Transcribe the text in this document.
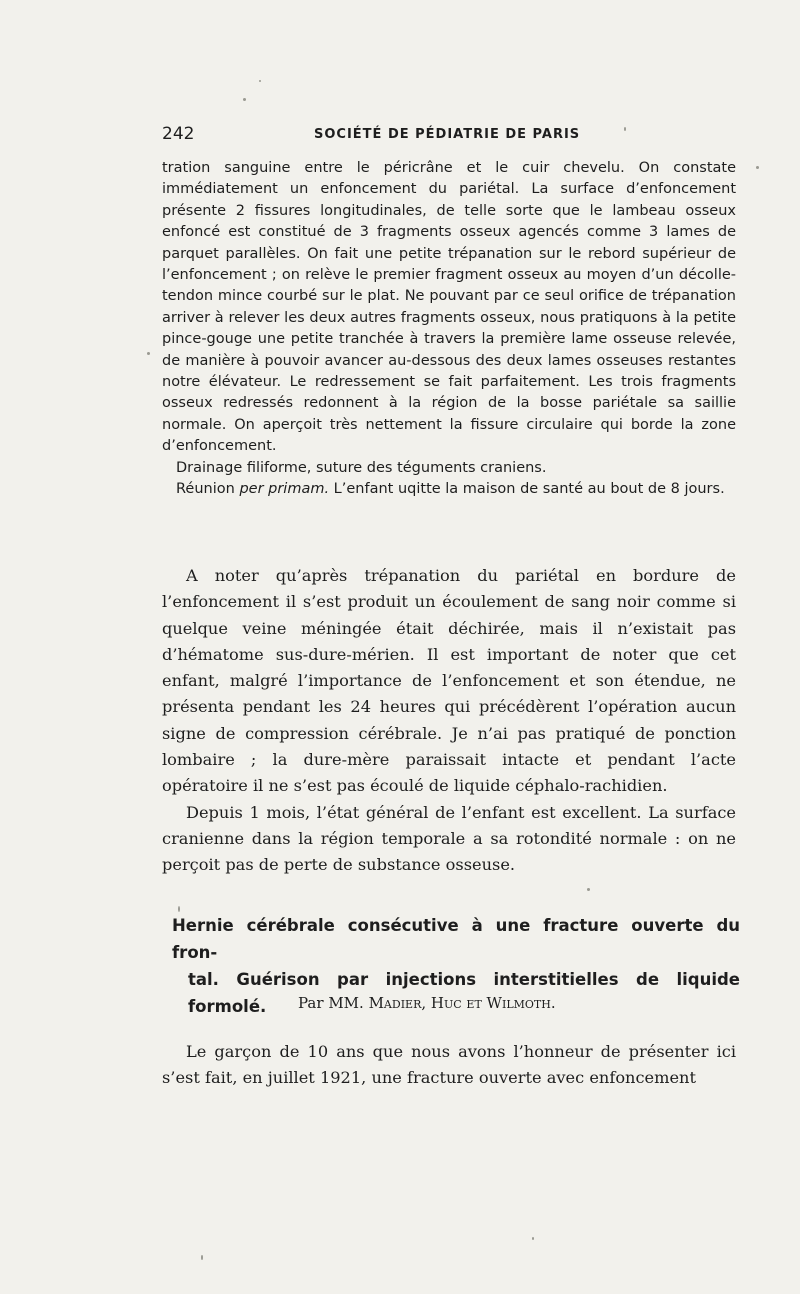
242	SOCIÉTÉ DE PÉDIATRIE DE PARIS

tration sanguine entre le péricrâne et le cuir chevelu. On constate immédiatement un enfoncement du pariétal. La surface d’enfoncement présente 2 fissures longitudinales, de telle sorte que le lambeau osseux enfoncé est constitué de 3 fragments osseux agencés comme 3 lames de parquet parallèles. On fait une petite trépanation sur le rebord supérieur de l’enfoncement ; on relève le premier fragment osseux au moyen d’un décolle-tendon mince courbé sur le plat. Ne pouvant par ce seul orifice de trépanation arriver à relever les deux autres fragments osseux, nous pratiquons à la petite pince-gouge une petite tranchée à travers la première lame osseuse relevée, de manière à pouvoir avancer au-dessous des deux lames osseuses restantes notre élévateur. Le redressement se fait parfaitement. Les trois fragments osseux redressés redonnent à la région de la bosse pariétale sa saillie normale. On aperçoit très nettement la fissure circulaire qui borde la zone d’enfoncement.

Drainage filiforme, suture des téguments craniens.

Réunion per primam. L’enfant uqitte la maison de santé au bout de 8 jours.

A noter qu’après trépanation du pariétal en bordure de l’enfoncement il s’est produit un écoulement de sang noir comme si quelque veine méningée était déchirée, mais il n’existait pas d’hématome sus-dure-mérien. Il est important de noter que cet enfant, malgré l’importance de l’enfoncement et son étendue, ne présenta pendant les 24 heures qui précédèrent l’opération aucun signe de compression cérébrale. Je n’ai pas pratiqué de ponction lombaire ; la dure-mère paraissait intacte et pendant l’acte opératoire il ne s’est pas écoulé de liquide céphalo-rachidien.

Depuis 1 mois, l’état général de l’enfant est excellent. La surface cranienne dans la région temporale a sa rotondité normale : on ne perçoit pas de perte de substance osseuse.

Hernie cérébrale consécutive à une fracture ouverte du fron-
tal. Guérison par injections interstitielles de liquide formolé.	Par MM. Madier, Huc et Wilmoth.

Le garçon de 10 ans que nous avons l’honneur de présenter ici s’est fait, en juillet 1921, une fracture ouverte avec enfoncement
